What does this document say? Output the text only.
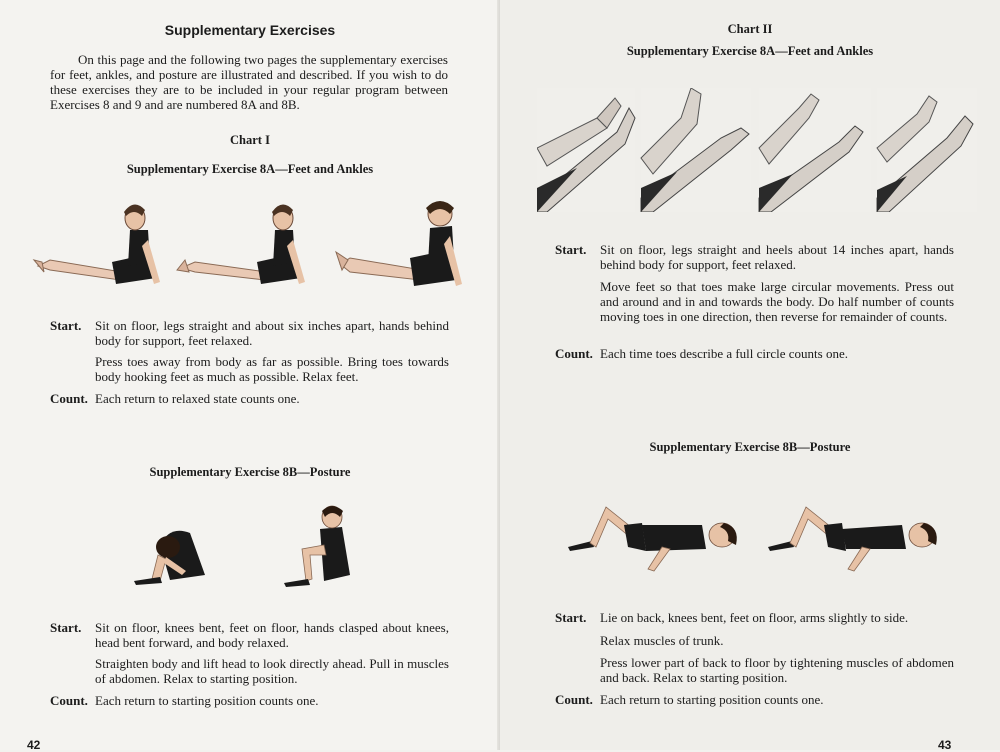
Supplementary Exercises
On this page and the following two pages the supplementary exercises for feet, ankles, and posture are illustrated and described. If you wish to do these exercises they are to be included in your regular program between Exercises 8 and 9 and are numbered 8A and 8B.
Chart I
Supplementary Exercise 8A—Feet and Ankles
Start. Sit on floor, legs straight and about six inches apart, hands behind body for support, feet relaxed.
Press toes away from body as far as possible. Bring toes towards body hooking feet as much as possible. Relax feet.
Count. Each return to relaxed state counts one.
Supplementary Exercise 8B—Posture
Start. Sit on floor, knees bent, feet on floor, hands clasped about knees, head bent forward, and body relaxed.
Straighten body and lift head to look directly ahead. Pull in muscles of abdomen. Relax to starting position.
Count. Each return to starting position counts one.
42
Chart II
Supplementary Exercise 8A—Feet and Ankles
Start. Sit on floor, legs straight and heels about 14 inches apart, hands behind body for support, feet relaxed.
Move feet so that toes make large circular movements. Press out and around and in and towards the body. Do half number of counts moving toes in one direction, then reverse for remainder of counts.
Count. Each time toes describe a full circle counts one.
Supplementary Exercise 8B—Posture
Start. Lie on back, knees bent, feet on floor, arms slightly to side.
Relax muscles of trunk.
Press lower part of back to floor by tightening muscles of abdomen and back. Relax to starting position.
Count. Each return to starting position counts one.
43
